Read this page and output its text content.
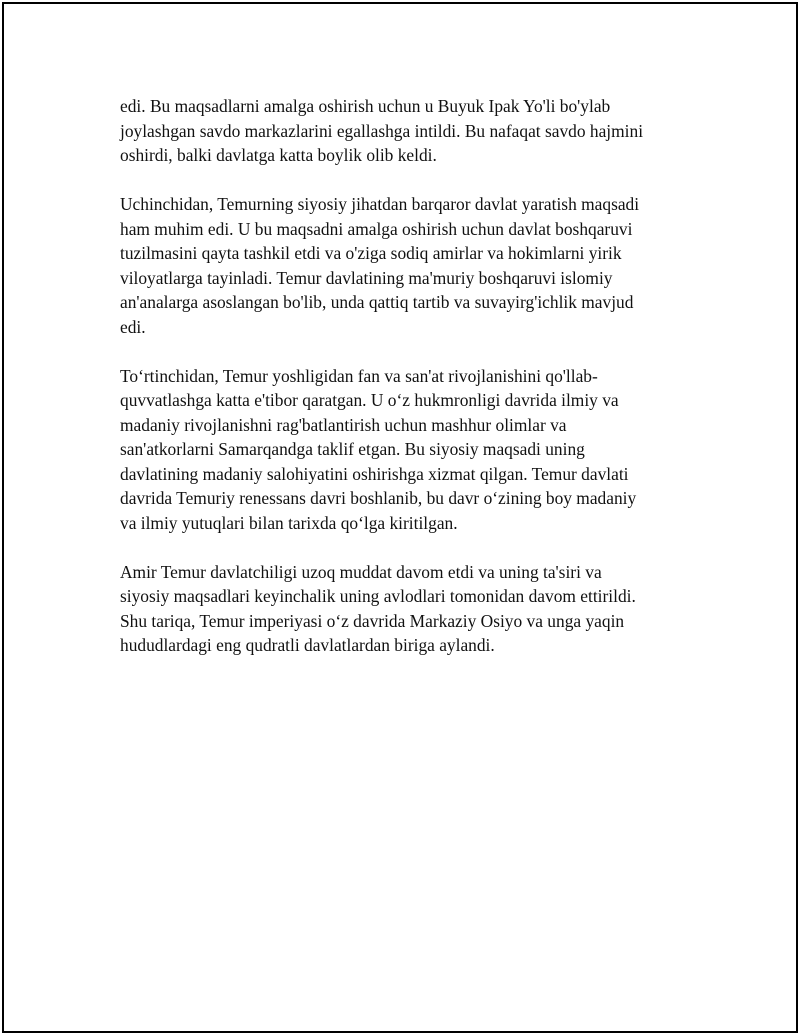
edi. Bu maqsadlarni amalga oshirish uchun u Buyuk Ipak Yo'li bo'ylab
joylashgan savdo markazlarini egallashga intildi. Bu nafaqat savdo hajmini
oshirdi, balki davlatga katta boylik olib keldi.

Uchinchidan, Temurning siyosiy jihatdan barqaror davlat yaratish maqsadi
ham muhim edi. U bu maqsadni amalga oshirish uchun davlat boshqaruvi
tuzilmasini qayta tashkil etdi va o'ziga sodiq amirlar va hokimlarni yirik
viloyatlarga tayinladi. Temur davlatining ma'muriy boshqaruvi islomiy
an'analarga asoslangan bo'lib, unda qattiq tartib va suvayirg'ichlik mavjud
edi.

To‘rtinchidan, Temur yoshligidan fan va san'at rivojlanishini qo'llab-
quvvatlashga katta e'tibor qaratgan. U o‘z hukmronligi davrida ilmiy va
madaniy rivojlanishni rag'batlantirish uchun mashhur olimlar va
san'atkorlarni Samarqandga taklif etgan. Bu siyosiy maqsadi uning
davlatining madaniy salohiyatini oshirishga xizmat qilgan. Temur davlati
davrida Temuriy renessans davri boshlanib, bu davr o‘zining boy madaniy
va ilmiy yutuqlari bilan tarixda qo‘lga kiritilgan.

Amir Temur davlatchiligi uzoq muddat davom etdi va uning ta'siri va
siyosiy maqsadlari keyinchalik uning avlodlari tomonidan davom ettirildi.
Shu tariqa, Temur imperiyasi o‘z davrida Markaziy Osiyo va unga yaqin
hududlardagi eng qudratli davlatlardan biriga aylandi.
